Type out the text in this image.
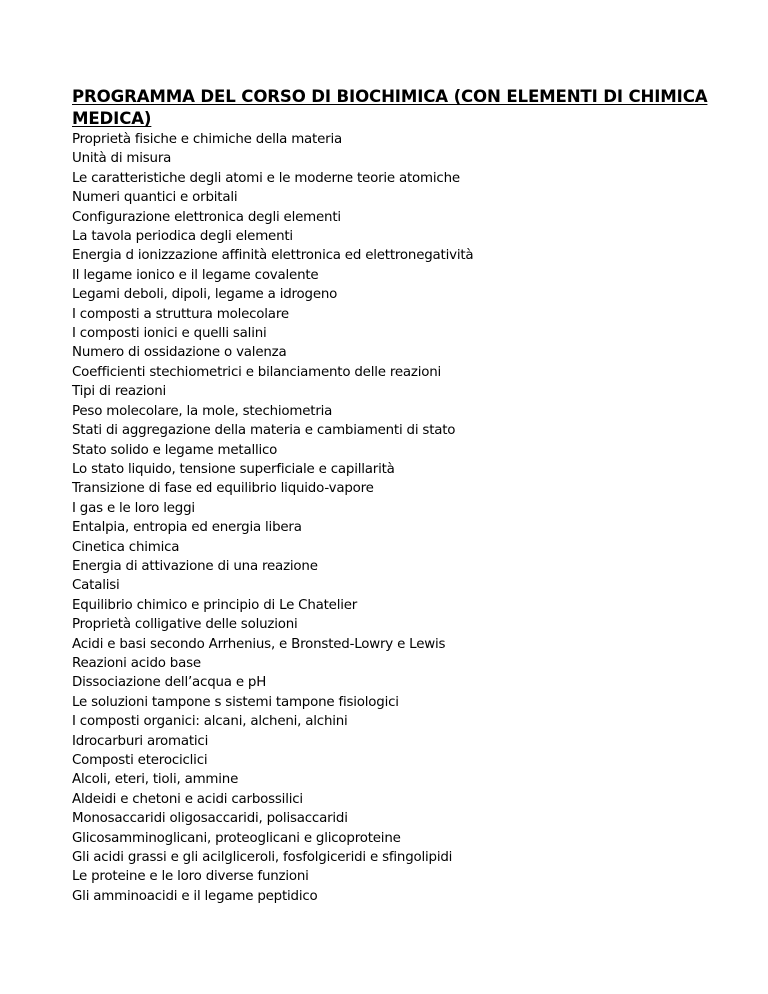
PROGRAMMA DEL CORSO DI BIOCHIMICA (CON ELEMENTI DI CHIMICA MEDICA)
Proprietà fisiche e chimiche della materia
Unità di misura
Le caratteristiche degli atomi e le moderne teorie atomiche
Numeri quantici e orbitali
Configurazione elettronica degli elementi
La tavola periodica degli elementi
Energia d ionizzazione affinità elettronica ed elettronegatività
Il legame ionico e il legame covalente
Legami deboli, dipoli, legame a idrogeno
I composti a struttura molecolare
I composti ionici e quelli salini
Numero di ossidazione o valenza
Coefficienti stechiometrici e bilanciamento delle reazioni
Tipi di reazioni
Peso molecolare, la mole, stechiometria
Stati di aggregazione della materia e cambiamenti di stato
Stato solido e legame metallico
Lo stato liquido, tensione superficiale e capillarità
Transizione di fase ed equilibrio liquido-vapore
I gas e le loro leggi
Entalpia, entropia ed energia libera
Cinetica chimica
Energia di attivazione di una reazione
Catalisi
Equilibrio chimico e principio di Le Chatelier
Proprietà colligative delle soluzioni
Acidi e basi secondo Arrhenius, e Bronsted-Lowry e Lewis
Reazioni acido base
Dissociazione dell’acqua e pH
Le soluzioni tampone s sistemi tampone fisiologici
I composti organici: alcani, alcheni, alchini
Idrocarburi aromatici
Composti eterociclici
Alcoli, eteri, tioli, ammine
Aldeidi e chetoni e acidi carbossilici
Monosaccaridi oligosaccaridi, polisaccaridi
Glicosamminoglicani, proteoglicani e glicoproteine
Gli acidi grassi e gli acilgliceroli, fosfolgiceridi e sfingolipidi
Le proteine e le loro diverse funzioni
Gli amminoacidi e il legame peptidico
